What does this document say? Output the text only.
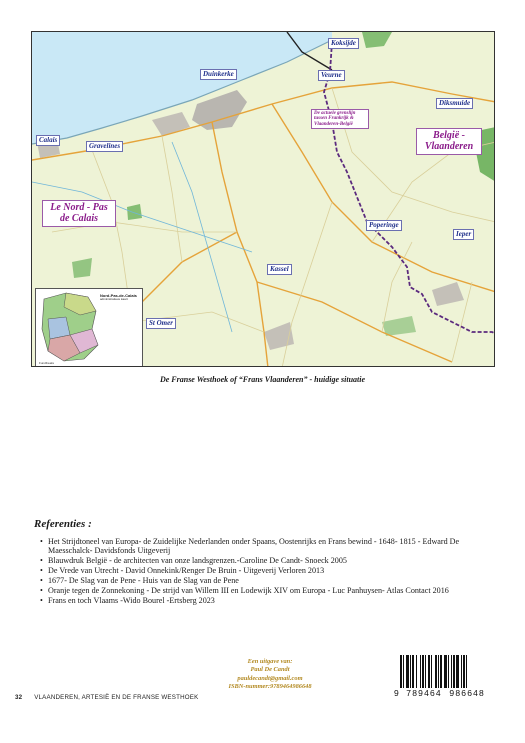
Koksijde
Duinkerke	Veurne
Diksmuide
De actuele grenslijn tussen Frankrijk & Vlaanderen-België
Calais
Gravelines
België - Vlaanderen
Le Nord - Pas de Calais
Poperinge
Ieper
Kassel
St Omer
Nord-Pas-de-Calais
administratieve kaart
Fundfreaks
De Franse Westhoek of “Frans Vlaanderen” - huidige situatie
Referenties :
• Het Strijdtoneel van Europa- de Zuidelijke Nederlanden onder Spaans, Oostenrijks en Frans bewind - 1648- 1815 - Edward De Maesschalck- Davidsfonds Uitgeverij
• Blauwdruk België - de architecten van onze landsgrenzen.-Caroline De Candt- Snoeck 2005
• De Vrede van Utrecht - David Onnekink/Renger De Bruin - Uitgeverij Verloren 2013
• 1677- De Slag van de Pene - Huis van de Slag van de Pene
• Oranje tegen de Zonnekoning - De strijd van Willem III en Lodewijk XIV om Europa - Luc Panhuysen- Atlas Contact 2016
• Frans en toch Vlaams -Wido Bourel -Ertsberg 2023
Een uitgave van:
Paul De Candt
pauldecandt@gmail.com
ISBN-nummer:9789464986648
9 789464 986648
32 VLAANDEREN, ARTESIË EN DE FRANSE WESTHOEK
